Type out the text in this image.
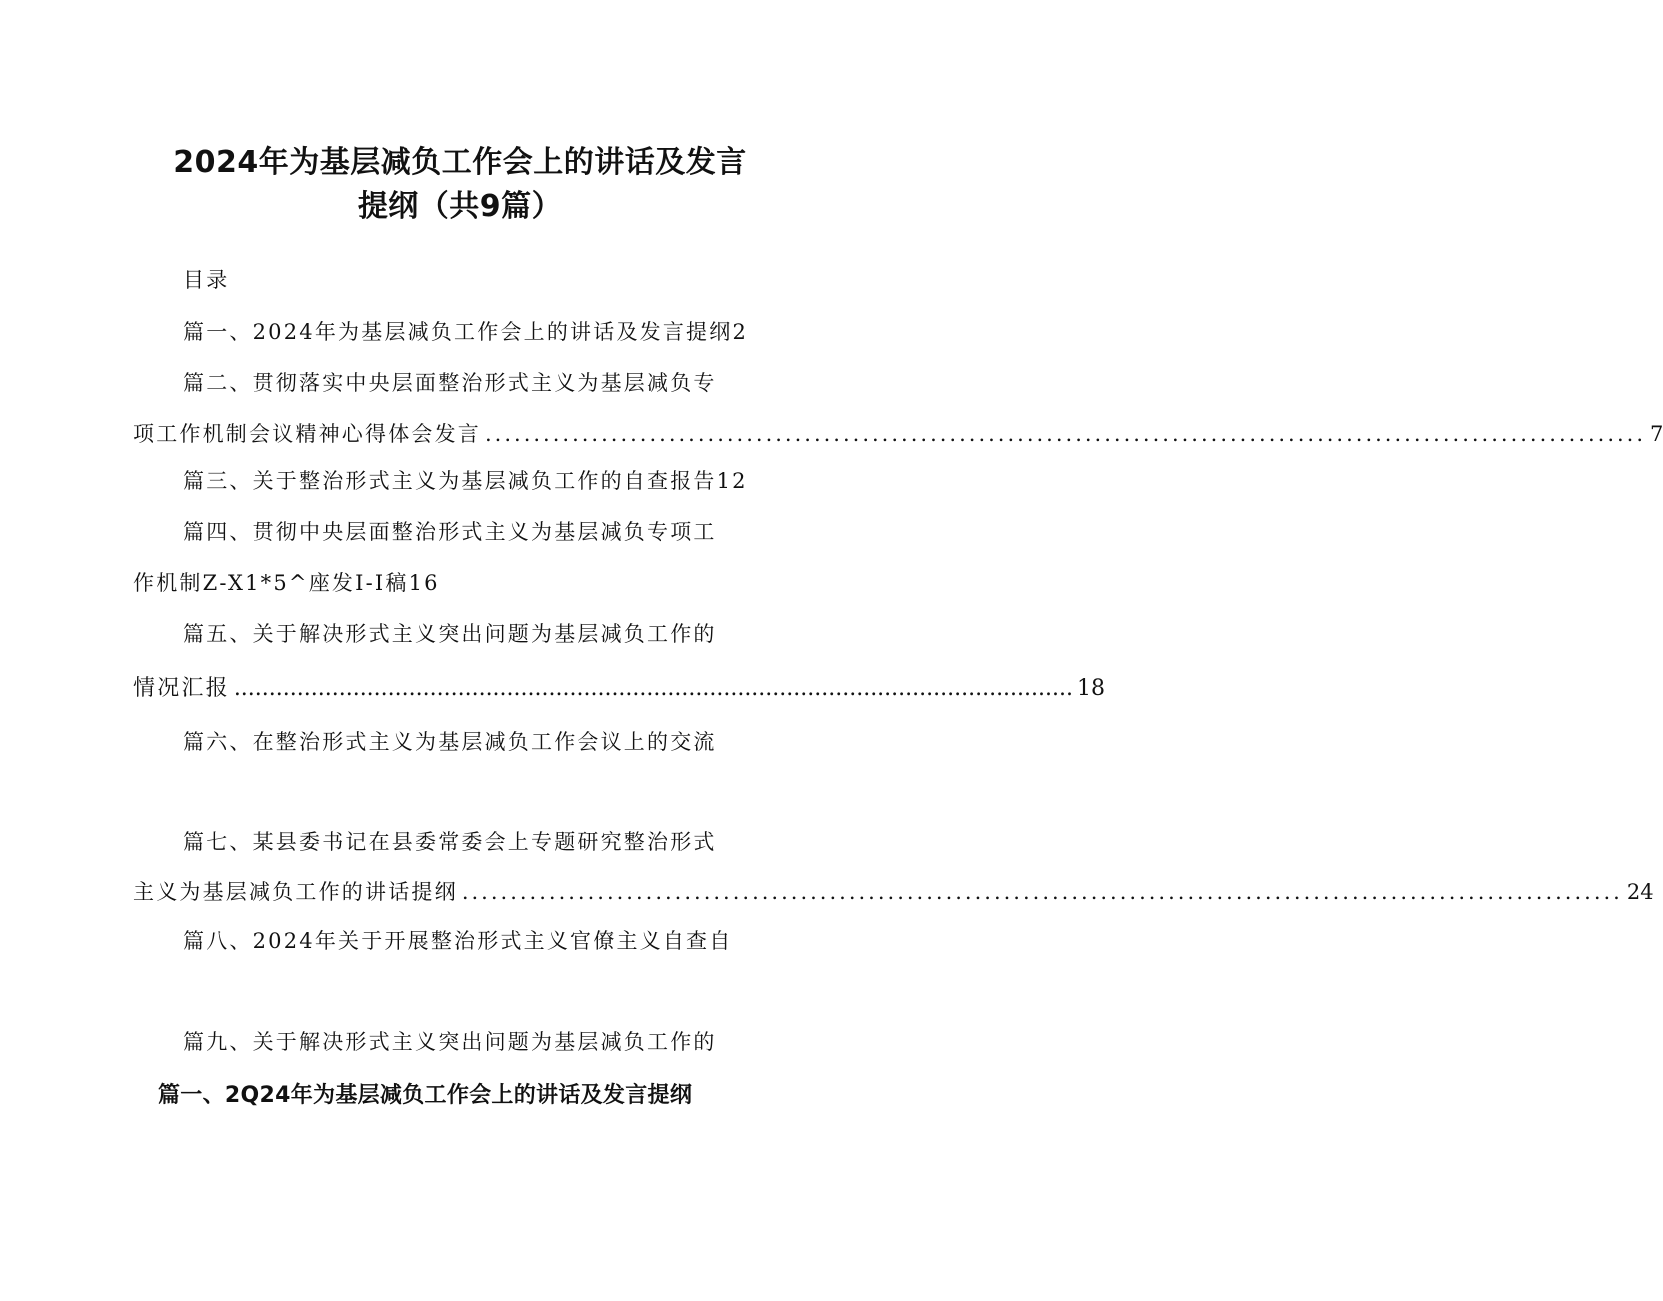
2024年为基层减负工作会上的讲话及发言
提纲（共9篇）
目录
篇一、2024年为基层减负工作会上的讲话及发言提纲2
篇二、贯彻落实中央层面整治形式主义为基层减负专
项工作机制会议精神心得体会发言 ........................................................................................................................ 7
篇三、关于整治形式主义为基层减负工作的自查报告12
篇四、贯彻中央层面整治形式主义为基层减负专项工
作机制Z-X1*5^座发I-I稿16
篇五、关于解决形式主义突出问题为基层减负工作的
情况汇报 ........................................................................................................................ 18
篇六、在整治形式主义为基层减负工作会议上的交流
篇七、某县委书记在县委常委会上专题研究整治形式
主义为基层减负工作的讲话提纲 ........................................................................................................................ 24
篇八、2024年关于开展整治形式主义官僚主义自查自
篇九、关于解决形式主义突出问题为基层减负工作的
篇一、2Q24年为基层减负工作会上的讲话及发言提纲
